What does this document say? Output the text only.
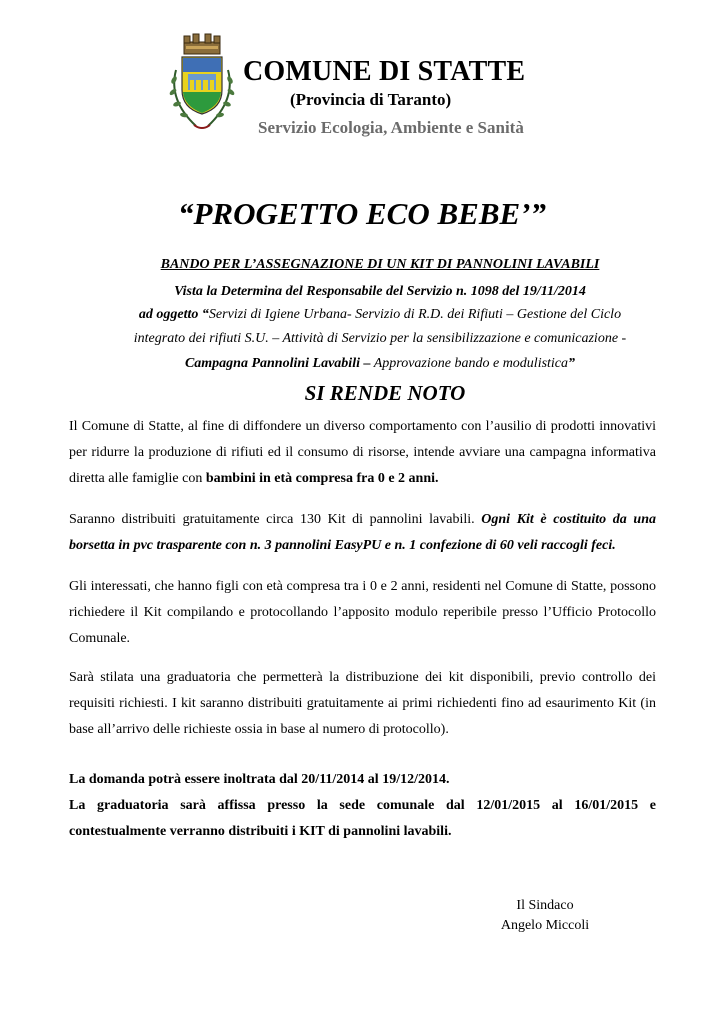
COMUNE DI STATTE
(Provincia di Taranto)
Servizio Ecologia, Ambiente e Sanità
“PROGETTO ECO BEBE’”
BANDO PER L’ASSEGNAZIONE DI UN KIT DI PANNOLINI LAVABILI
Vista la Determina del Responsabile del Servizio n. 1098 del 19/11/2014
ad oggetto “Servizi di Igiene Urbana- Servizio di R.D. dei Rifiuti – Gestione del Ciclo
integrato dei rifiuti S.U. – Attività di Servizio per la sensibilizzazione e comunicazione -
Campagna Pannolini Lavabili – Approvazione bando e modulistica”
SI RENDE NOTO
Il Comune di Statte, al fine di diffondere un diverso comportamento con l’ausilio di prodotti innovativi per ridurre la produzione di rifiuti ed il consumo di risorse, intende avviare una campagna informativa diretta alle famiglie con bambini in età compresa fra 0 e 2 anni.
Saranno distribuiti gratuitamente circa 130 Kit di pannolini lavabili. Ogni Kit è costituito da una borsetta in pvc trasparente con n. 3 pannolini EasyPU e n. 1 confezione di 60 veli raccogli feci.
Gli interessati, che hanno figli con età compresa tra i 0 e 2 anni, residenti nel Comune di Statte, possono richiedere il Kit compilando e protocollando l’apposito modulo reperibile presso l’Ufficio Protocollo Comunale.
Sarà stilata una graduatoria che permetterà la distribuzione dei kit disponibili, previo controllo dei requisiti richiesti. I kit saranno distribuiti gratuitamente ai primi richiedenti fino ad esaurimento Kit (in base all’arrivo delle richieste ossia in base al numero di protocollo).
La domanda potrà essere inoltrata dal 20/11/2014 al 19/12/2014.
La graduatoria sarà affissa presso la sede comunale dal 12/01/2015 al 16/01/2015 e contestualmente verranno distribuiti i KIT di pannolini lavabili.
Il Sindaco
Angelo Miccoli
